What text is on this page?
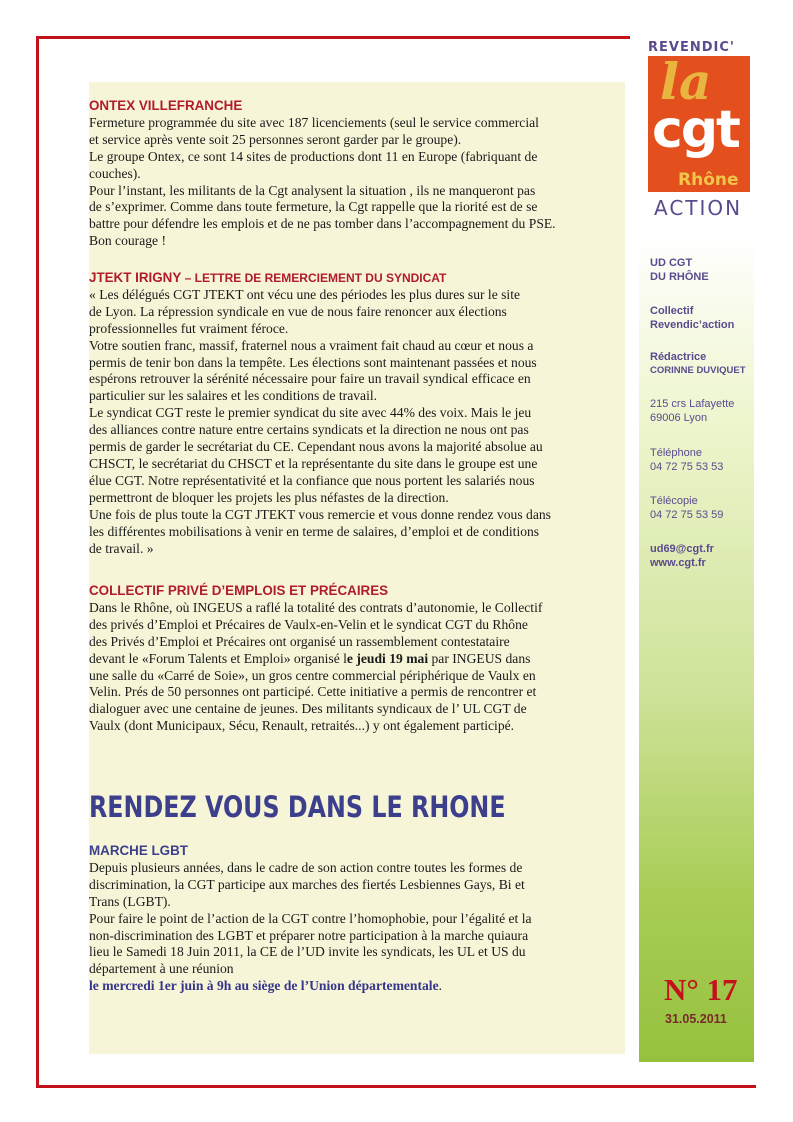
REVENDIC'
la
cgt
Rhône
ACTION
UD CGT
DU RHÔNE
Collectif
Revendic’action
Rédactrice
CORINNE DUVIQUET
215 crs Lafayette
69006 Lyon
Téléphone
04 72 75 53 53
Télécopie
04 72 75 53 59
ud69@cgt.fr
www.cgt.fr
N° 17
31.05.2011

ONTEX VILLEFRANCHE

Fermeture programmée du site avec 187 licenciements (seul le service commercial

et service après vente soit 25 personnes seront garder par le groupe).

Le groupe Ontex, ce sont 14 sites de productions dont 11 en Europe (fabriquant de

couches).

Pour l’instant, les militants de la Cgt analysent la situation , ils ne manqueront pas

de s’exprimer. Comme dans toute fermeture, la Cgt rappelle que la riorité est de se

battre pour défendre les emplois et de ne pas tomber dans l’accompagnement du PSE.

Bon courage !

JTEKT IRIGNY – LETTRE DE REMERCIEMENT DU SYNDICAT

« Les délégués CGT JTEKT ont vécu une des périodes les plus dures sur le site

de Lyon. La répression syndicale en vue de nous faire renoncer aux élections

professionnelles fut vraiment féroce.

Votre soutien franc, massif, fraternel nous a vraiment fait chaud au cœur et nous a

permis de tenir bon dans la tempête. Les élections sont maintenant passées et nous

espérons retrouver la sérénité nécessaire pour faire un travail syndical efficace en

particulier sur les salaires et les conditions de travail.

Le syndicat CGT reste le premier syndicat du site avec 44% des voix. Mais le jeu

des alliances contre nature entre certains syndicats et la direction ne nous ont pas

permis de garder le secrétariat du CE. Cependant nous avons la majorité absolue au

CHSCT, le secrétariat du CHSCT et la représentante du site dans le groupe est une

élue CGT. Notre représentativité et la confiance que nous portent les salariés nous

permettront de bloquer les projets les plus néfastes de la direction.

Une fois de plus toute la CGT JTEKT vous remercie et vous donne rendez vous dans

les différentes mobilisations à venir en terme de salaires, d’emploi et de conditions

de travail. »

COLLECTIF PRIVÉ D’EMPLOIS ET PRÉCAIRES

Dans le Rhône, où INGEUS a raflé la totalité des contrats d’autonomie, le Collectif

des privés d’Emploi et Précaires de Vaulx-en-Velin et le syndicat CGT du Rhône

des Privés d’Emploi et Précaires ont organisé un rassemblement contestataire

devant le «Forum Talents et Emploi» organisé le jeudi 19 mai par INGEUS dans

une salle du «Carré de Soie», un gros centre commercial périphérique de Vaulx en

Velin. Prés de 50 personnes ont participé. Cette initiative a permis de rencontrer et

dialoguer avec une centaine de jeunes. Des militants syndicaux de l’ UL CGT de

Vaulx (dont Municipaux, Sécu, Renault, retraités...) y ont également participé.

RENDEZ VOUS DANS LE RHONE

MARCHE LGBT

Depuis plusieurs années, dans le cadre de son action contre toutes les formes de

discrimination, la CGT participe aux marches des fiertés Lesbiennes Gays, Bi et

Trans (LGBT).

Pour faire le point de l’action de la CGT contre l’homophobie, pour l’égalité et la

non-discrimination des LGBT et préparer notre participation à la marche quiaura

lieu le Samedi 18 Juin 2011, la CE de l’UD invite les syndicats, les UL et US du

département à une réunion

le mercredi 1er juin à 9h au siège de l’Union départementale.
